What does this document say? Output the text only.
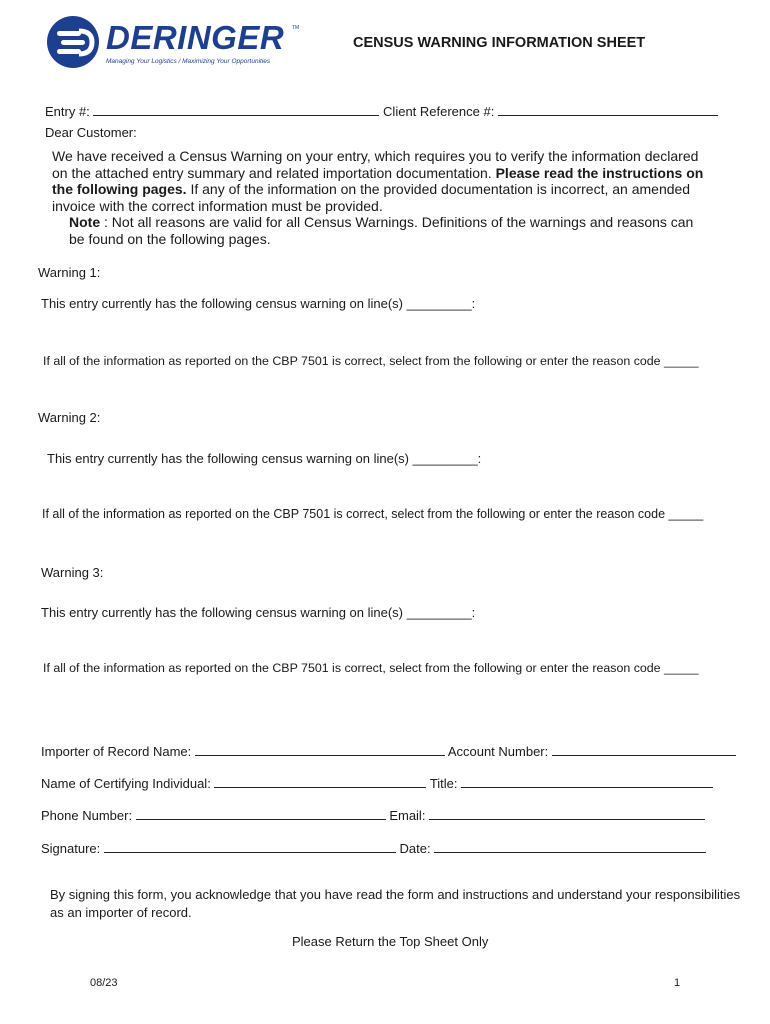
DERINGER TM
Managing Your Logistics / Maximizing Your Opportunities
CENSUS WARNING INFORMATION SHEET
Entry #:	Client Reference #:
Dear Customer:
We have received a Census Warning on your entry, which requires you to verify the information declared on the attached entry summary and related importation documentation. Please read the instructions on the following pages. If any of the information on the provided documentation is incorrect, an amended invoice with the correct information must be provided.
Note : Not all reasons are valid for all Census Warnings. Definitions of the warnings and reasons can be found on the following pages.
Warning 1:
This entry currently has the following census warning on line(s) _________:
If all of the information as reported on the CBP 7501 is correct, select from the following or enter the reason code _____
Warning 2:
This entry currently has the following census warning on line(s) _________:
If all of the information as reported on the CBP 7501 is correct, select from the following or enter the reason code _____
Warning 3:
This entry currently has the following census warning on line(s) _________:
If all of the information as reported on the CBP 7501 is correct, select from the following or enter the reason code _____
Importer of Record Name:	Account Number:
Name of Certifying Individual:	Title:
Phone Number:	Email:
Signature:	Date:
By signing this form, you acknowledge that you have read the form and instructions and understand your responsibilities as an importer of record.
Please Return the Top Sheet Only
08/23	1
